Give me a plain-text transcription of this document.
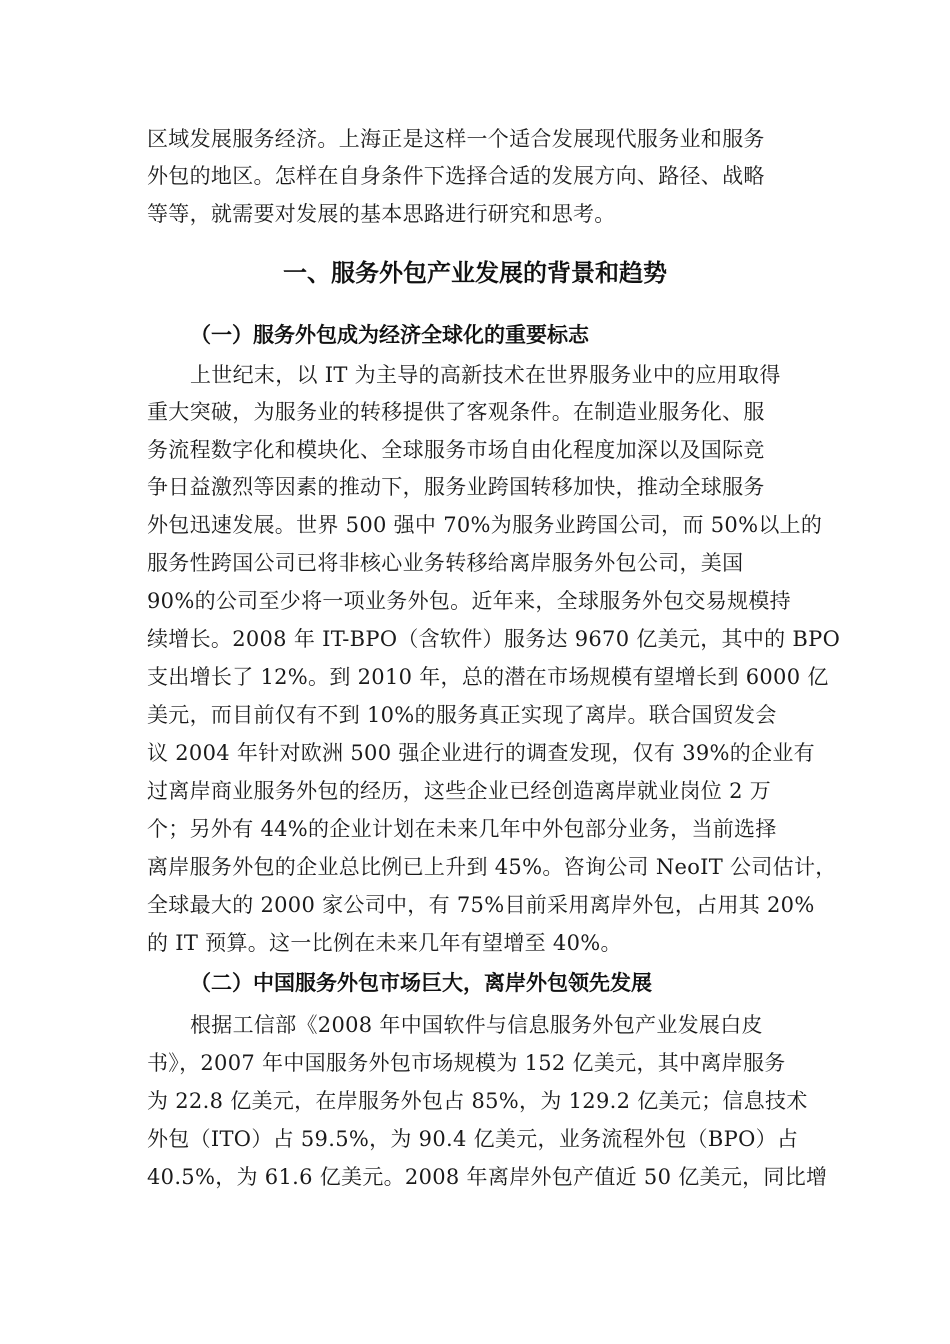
区域发展服务经济。上海正是这样一个适合发展现代服务业和服务
外包的地区。怎样在自身条件下选择合适的发展方向、路径、战略
等等，就需要对发展的基本思路进行研究和思考。
一、服务外包产业发展的背景和趋势
（一）服务外包成为经济全球化的重要标志
上世纪末，以 IT 为主导的高新技术在世界服务业中的应用取得
重大突破，为服务业的转移提供了客观条件。在制造业服务化、服
务流程数字化和模块化、全球服务市场自由化程度加深以及国际竞
争日益激烈等因素的推动下，服务业跨国转移加快，推动全球服务
外包迅速发展。世界 500 强中 70%为服务业跨国公司，而 50%以上的
服务性跨国公司已将非核心业务转移给离岸服务外包公司，美国
90%的公司至少将一项业务外包。近年来，全球服务外包交易规模持
续增长。2008 年 IT-BPO（含软件）服务达 9670 亿美元，其中的 BPO
支出增长了 12%。到 2010 年，总的潜在市场规模有望增长到 6000 亿
美元，而目前仅有不到 10%的服务真正实现了离岸。联合国贸发会
议 2004 年针对欧洲 500 强企业进行的调查发现，仅有 39%的企业有
过离岸商业服务外包的经历，这些企业已经创造离岸就业岗位 2 万
个；另外有 44%的企业计划在未来几年中外包部分业务，当前选择
离岸服务外包的企业总比例已上升到 45%。咨询公司 NeoIT 公司估计，
全球最大的 2000 家公司中，有 75%目前采用离岸外包，占用其 20%
的 IT 预算。这一比例在未来几年有望增至 40%。
（二）中国服务外包市场巨大，离岸外包领先发展
根据工信部《2008 年中国软件与信息服务外包产业发展白皮
书》，2007 年中国服务外包市场规模为 152 亿美元，其中离岸服务
为 22.8 亿美元，在岸服务外包占 85%，为 129.2 亿美元；信息技术
外包（ITO）占 59.5%，为 90.4 亿美元，业务流程外包（BPO）占
40.5%，为 61.6 亿美元。2008 年离岸外包产值近 50 亿美元，同比增
